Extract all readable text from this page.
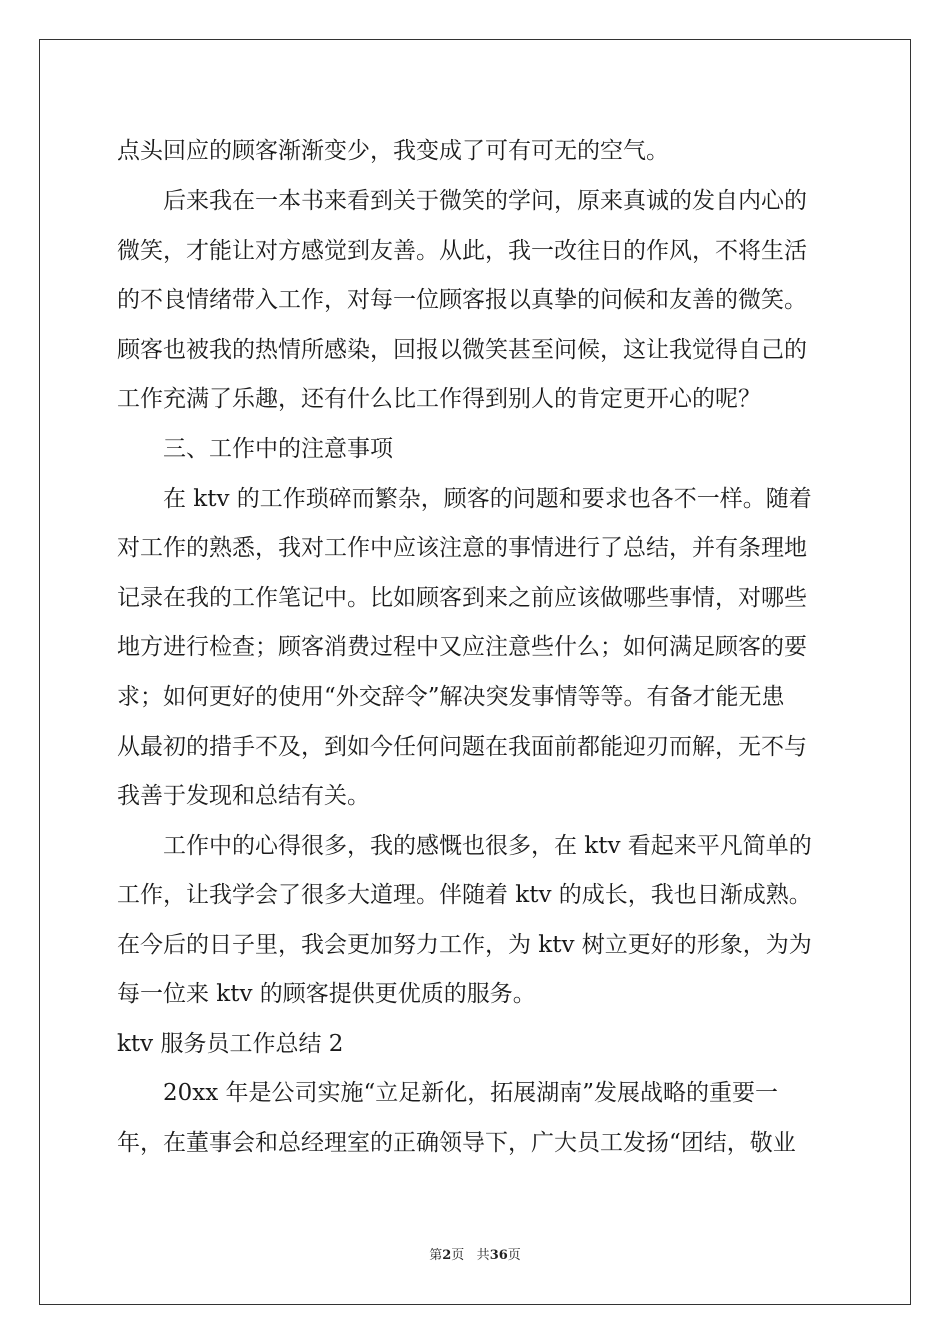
点头回应的顾客渐渐变少，我变成了可有可无的空气。
后来我在一本书来看到关于微笑的学问，原来真诚的发自内心的
微笑，才能让对方感觉到友善。从此，我一改往日的作风，不将生活
的不良情绪带入工作，对每一位顾客报以真挚的问候和友善的微笑。
顾客也被我的热情所感染，回报以微笑甚至问候，这让我觉得自己的
工作充满了乐趣，还有什么比工作得到别人的肯定更开心的呢？
三、工作中的注意事项
在 ktv 的工作琐碎而繁杂，顾客的问题和要求也各不一样。随着
对工作的熟悉，我对工作中应该注意的事情进行了总结，并有条理地
记录在我的工作笔记中。比如顾客到来之前应该做哪些事情，对哪些
地方进行检查；顾客消费过程中又应注意些什么；如何满足顾客的要
求；如何更好的使用“外交辞令”解决突发事情等等。有备才能无患
从最初的措手不及，到如今任何问题在我面前都能迎刃而解，无不与
我善于发现和总结有关。
工作中的心得很多，我的感慨也很多，在 ktv 看起来平凡简单的
工作，让我学会了很多大道理。伴随着 ktv 的成长，我也日渐成熟。
在今后的日子里，我会更加努力工作，为 ktv 树立更好的形象，为为
每一位来 ktv 的顾客提供更优质的服务。
ktv 服务员工作总结 2
20xx 年是公司实施“立足新化，拓展湖南”发展战略的重要一
年，在董事会和总经理室的正确领导下，广大员工发扬“团结，敬业
第2页 共36页
